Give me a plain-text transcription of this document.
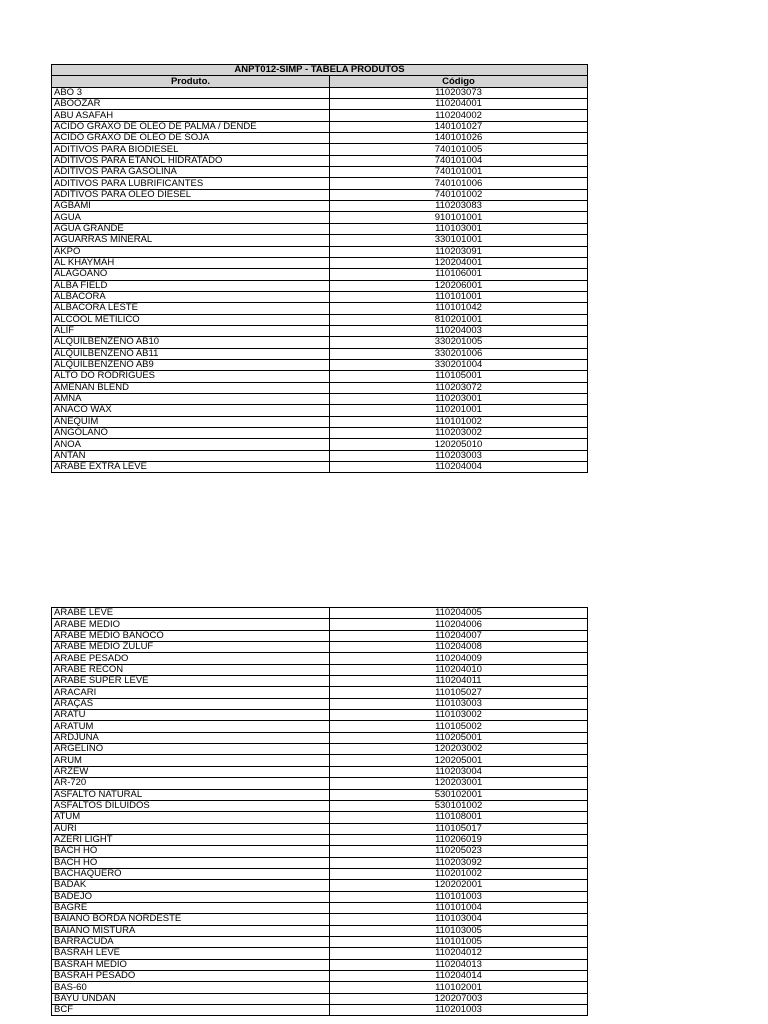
ANPT012-SIMP - TABELA PRODUTOS	
Produto.	Código
ABO 3	110203073
ABOOZAR	110204001
ABU ASAFAH	110204002
ACIDO GRAXO DE OLEO DE PALMA / DENDE	140101027
ACIDO GRAXO DE OLEO DE SOJA	140101026
ADITIVOS PARA BIODIESEL	740101005
ADITIVOS PARA ETANOL HIDRATADO	740101004
ADITIVOS PARA GASOLINA	740101001
ADITIVOS PARA LUBRIFICANTES	740101006
ADITIVOS PARA OLEO DIESEL	740101002
AGBAMI	110203083
AGUA	910101001
AGUA GRANDE	110103001
AGUARRAS MINERAL	330101001
AKPO	110203091
AL KHAYMAH	120204001
ALAGOANO	110106001
ALBA FIELD	120206001
ALBACORA	110101001
ALBACORA LESTE	110101042
ALCOOL METILICO	810201001
ALIF	110204003
ALQUILBENZENO AB10	330201005
ALQUILBENZENO AB11	330201006
ALQUILBENZENO AB9	330201004
ALTO DO RODRIGUES	110105001
AMENAN BLEND	110203072
AMNA	110203001
ANACO WAX	110201001
ANEQUIM	110101002
ANGOLANO	110203002
ANOA	120205010
ANTAN	110203003
ARABE EXTRA LEVE	110204004
ARABE LEVE	110204005
ARABE MEDIO	110204006
ARABE MEDIO BANOCO	110204007
ARABE MEDIO ZULUF	110204008
ARABE PESADO	110204009
ARABE RECON	110204010
ARABE SUPER LEVE	110204011
ARACARI	110105027
ARAÇAS	110103003
ARATU	110103002
ARATUM	110105002
ARDJUNA	110205001
ARGELINO	120203002
ARUM	120205001
ARZEW	110203004
AR-720	120203001
ASFALTO NATURAL	530102001
ASFALTOS DILUIDOS	530101002
ATUM	110108001
AURI	110105017
AZERI LIGHT	110206019
BACH HO	110205023
BACH HO	110203092
BACHAQUERO	110201002
BADAK	120202001
BADEJO	110101003
BAGRE	110101004
BAIANO BORDA NORDESTE	110103004
BAIANO MISTURA	110103005
BARRACUDA	110101005
BASRAH LEVE	110204012
BASRAH MEDIO	110204013
BASRAH PESADO	110204014
BAS-60	110102001
BAYU UNDAN	120207003
BCF	110201003
